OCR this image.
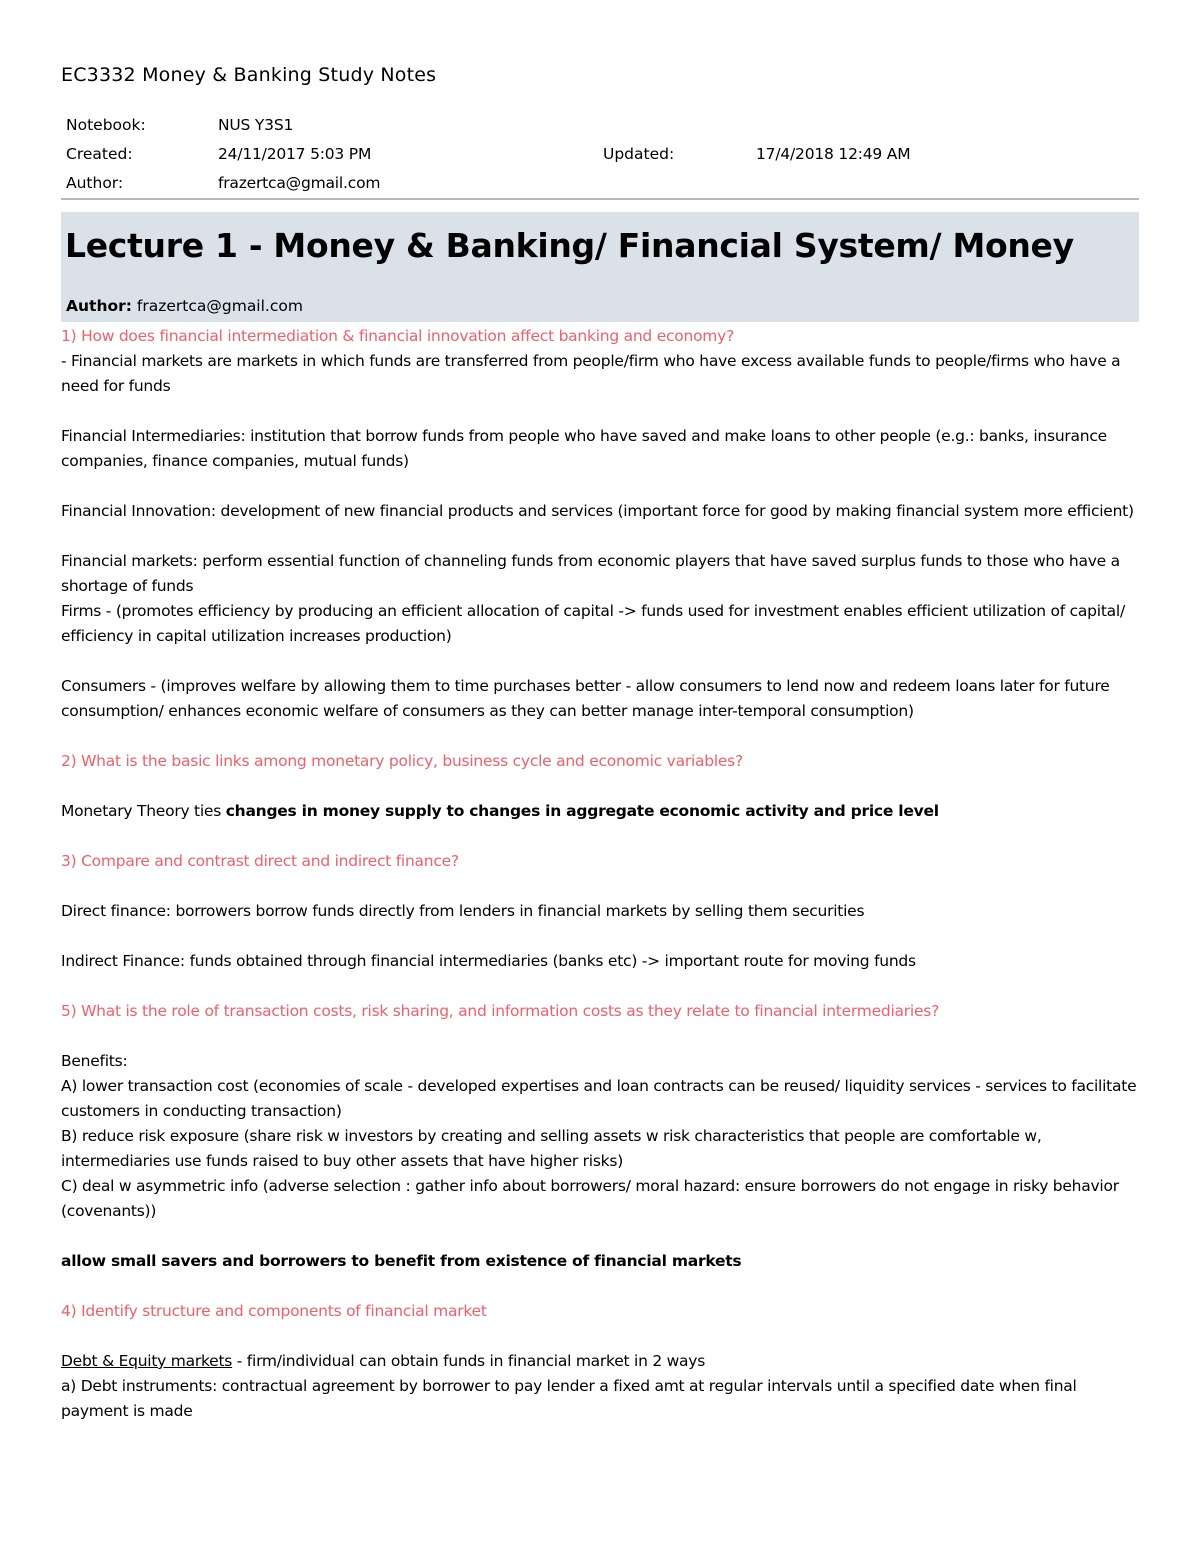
EC3332 Money & Banking Study Notes
Notebook:	NUS Y3S1
Created:	24/11/2017 5:03 PM	Updated:	17/4/2018 12:49 AM
Author:	frazertca@gmail.com
Lecture 1 - Money & Banking/ Financial System/ Money
Author: frazertca@gmail.com

1) How does financial intermediation & financial innovation affect banking and economy?

- Financial markets are markets in which funds are transferred from people/firm who have excess available funds to people/firms who have a need for funds

Financial Intermediaries: institution that borrow funds from people who have saved and make loans to other people (e.g.: banks, insurance companies, finance companies, mutual funds)

Financial Innovation: development of new financial products and services (important force for good by making financial system more efficient)

Financial markets: perform essential function of channeling funds from economic players that have saved surplus funds to those who have a shortage of funds

Firms - (promotes efficiency by producing an efficient allocation of capital -> funds used for investment enables efficient utilization of capital/ efficiency in capital utilization increases production)

Consumers - (improves welfare by allowing them to time purchases better - allow consumers to lend now and redeem loans later for future consumption/ enhances economic welfare of consumers as they can better manage inter-temporal consumption)

2) What is the basic links among monetary policy, business cycle and economic variables?

Monetary Theory ties changes in money supply to changes in aggregate economic activity and price level

3) Compare and contrast direct and indirect finance?

Direct finance: borrowers borrow funds directly from lenders in financial markets by selling them securities

Indirect Finance: funds obtained through financial intermediaries (banks etc) -> important route for moving funds

5) What is the role of transaction costs, risk sharing, and information costs as they relate to financial intermediaries?

Benefits:

A) lower transaction cost (economies of scale - developed expertises and loan contracts can be reused/ liquidity services - services to facilitate customers in conducting transaction)

B) reduce risk exposure (share risk w investors by creating and selling assets w risk characteristics that people are comfortable w, intermediaries use funds raised to buy other assets that have higher risks)

C) deal w asymmetric info (adverse selection : gather info about borrowers/ moral hazard: ensure borrowers do not engage in risky behavior (covenants))

allow small savers and borrowers to benefit from existence of financial markets

4) Identify structure and components of financial market

Debt & Equity markets - firm/individual can obtain funds in financial market in 2 ways

a) Debt instruments: contractual agreement by borrower to pay lender a fixed amt at regular intervals until a specified date when final payment is made
